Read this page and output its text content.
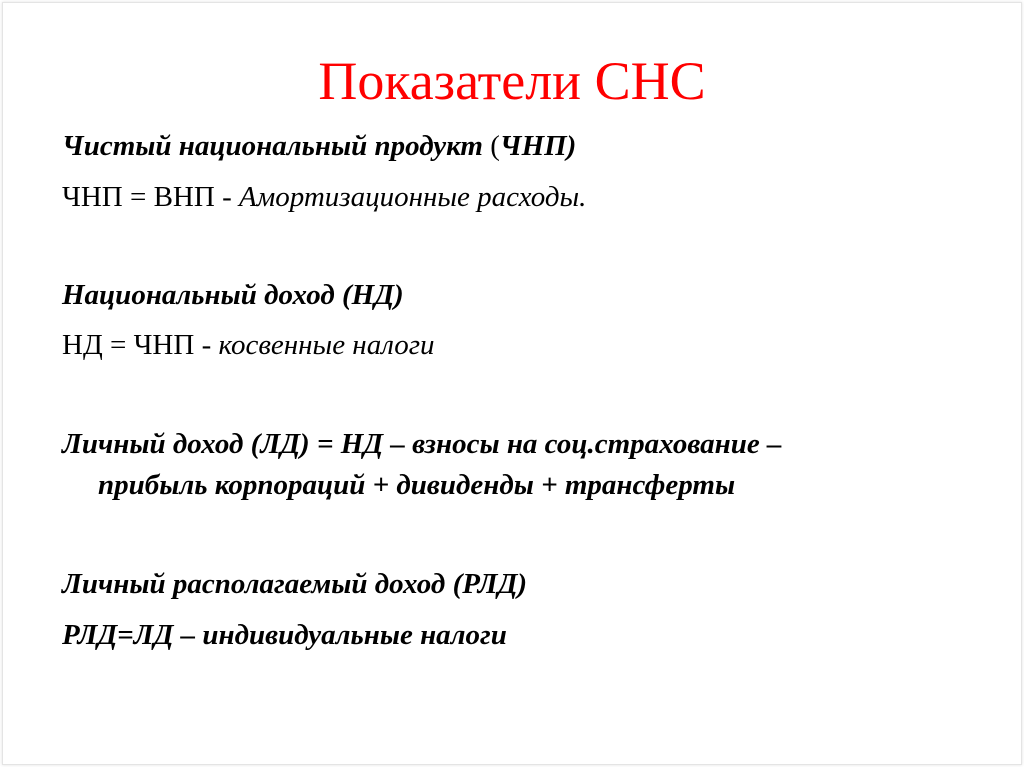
Показатели СНС
Чистый национальный продукт (ЧНП)
ЧНП = ВНП - Амортизационные расходы.
Национальный доход (НД)
НД = ЧНП - косвенные налоги
Личный доход (ЛД) = НД – взносы на соц.страхование –
прибыль корпораций + дивиденды + трансферты
Личный располагаемый доход (РЛД)
РЛД=ЛД – индивидуальные налоги
